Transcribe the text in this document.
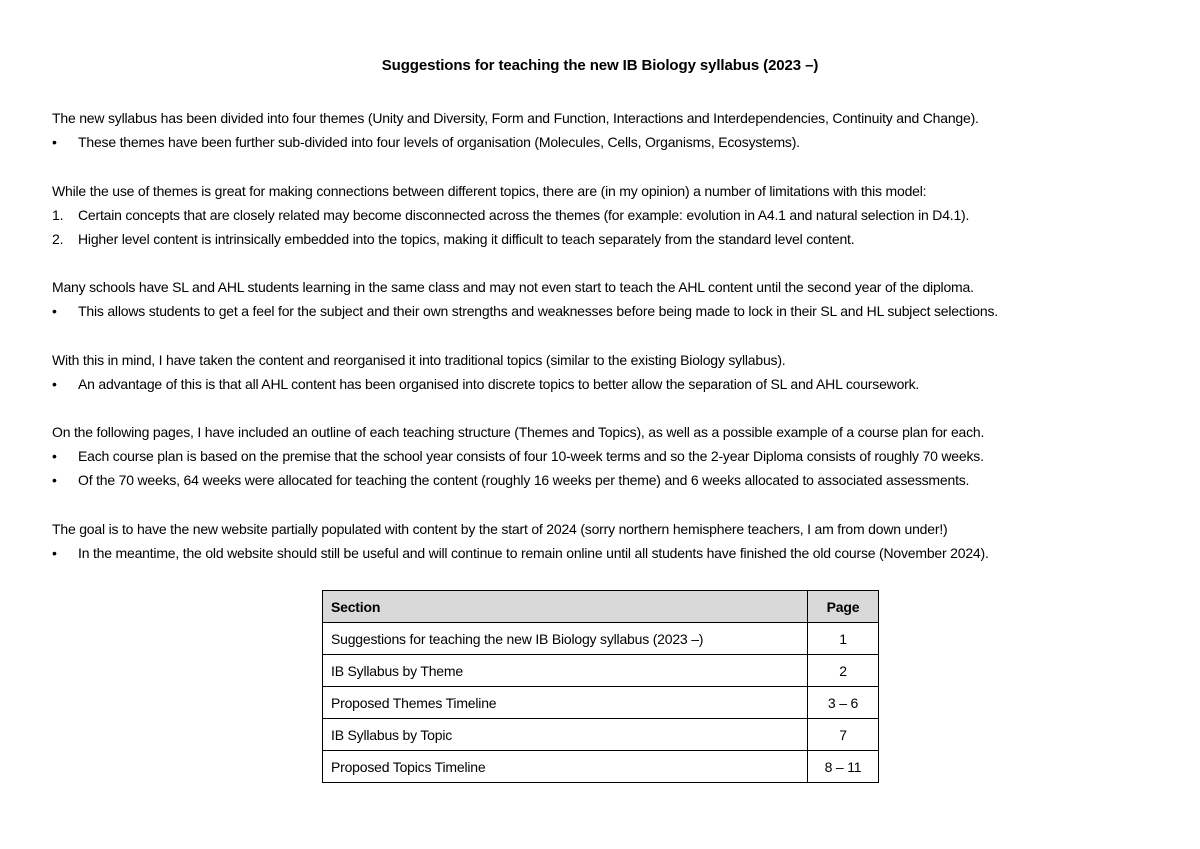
Suggestions for teaching the new IB Biology syllabus (2023 –)

The new syllabus has been divided into four themes (Unity and Diversity, Form and Function, Interactions and Interdependencies, Continuity and Change).

•
These themes have been further sub-divided into four levels of organisation (Molecules, Cells, Organisms, Ecosystems).

While the use of themes is great for making connections between different topics, there are (in my opinion) a number of limitations with this model:

1.	Certain concepts that are closely related may become disconnected across the themes (for example: evolution in A4.1 and natural selection in D4.1).
2.	Higher level content is intrinsically embedded into the topics, making it difficult to teach separately from the standard level content.

Many schools have SL and AHL students learning in the same class and may not even start to teach the AHL content until the second year of the diploma.

•
This allows students to get a feel for the subject and their own strengths and weaknesses before being made to lock in their SL and HL subject selections.

With this in mind, I have taken the content and reorganised it into traditional topics (similar to the existing Biology syllabus).

•
An advantage of this is that all AHL content has been organised into discrete topics to better allow the separation of SL and AHL coursework.

On the following pages, I have included an outline of each teaching structure (Themes and Topics), as well as a possible example of a course plan for each.

•
Each course plan is based on the premise that the school year consists of four 10-week terms and so the 2-year Diploma consists of roughly 70 weeks.
•
Of the 70 weeks, 64 weeks were allocated for teaching the content (roughly 16 weeks per theme) and 6 weeks allocated to associated assessments.

The goal is to have the new website partially populated with content by the start of 2024 (sorry northern hemisphere teachers, I am from down under!)

•
In the meantime, the old website should still be useful and will continue to remain online until all students have finished the old course (November 2024).
Section	Page
Suggestions for teaching the new IB Biology syllabus (2023 –)	1
IB Syllabus by Theme	2
Proposed Themes Timeline	3 – 6
IB Syllabus by Topic	7
Proposed Topics Timeline	8 – 11
